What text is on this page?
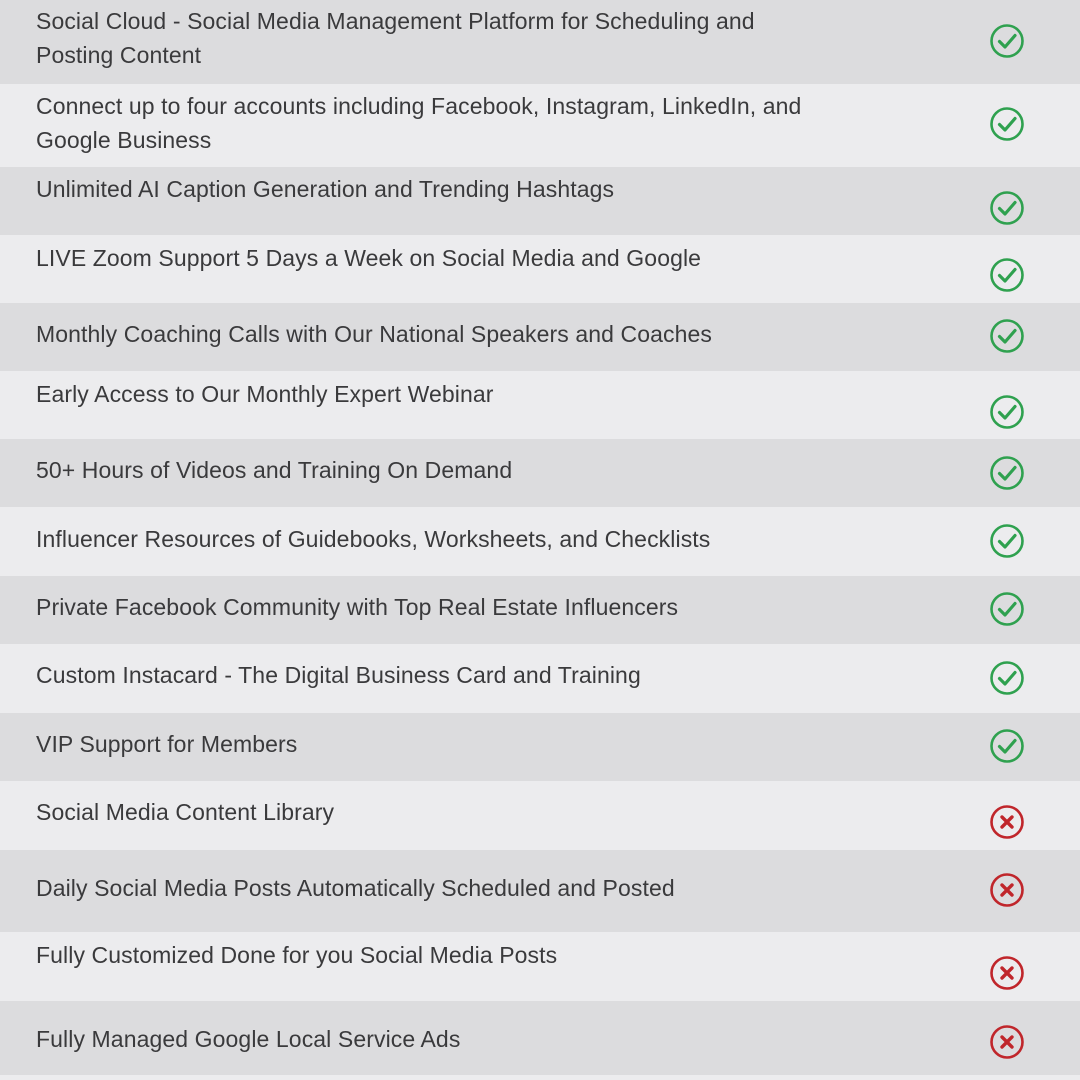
Social Cloud - Social Media Management Platform for Scheduling and Posting Content
Connect up to four accounts including Facebook, Instagram, LinkedIn, and Google Business
Unlimited AI Caption Generation and Trending Hashtags
LIVE Zoom Support 5 Days a Week on Social Media and Google
Monthly Coaching Calls with Our National Speakers and Coaches
Early Access to Our Monthly Expert Webinar
50+ Hours of Videos and Training On Demand
Influencer Resources of Guidebooks, Worksheets, and Checklists
Private Facebook Community with Top Real Estate Influencers
Custom Instacard - The Digital Business Card and Training
VIP Support for Members
Social Media Content Library
Daily Social Media Posts Automatically Scheduled and Posted
Fully Customized Done for you Social Media Posts
Fully Managed Google Local Service Ads
